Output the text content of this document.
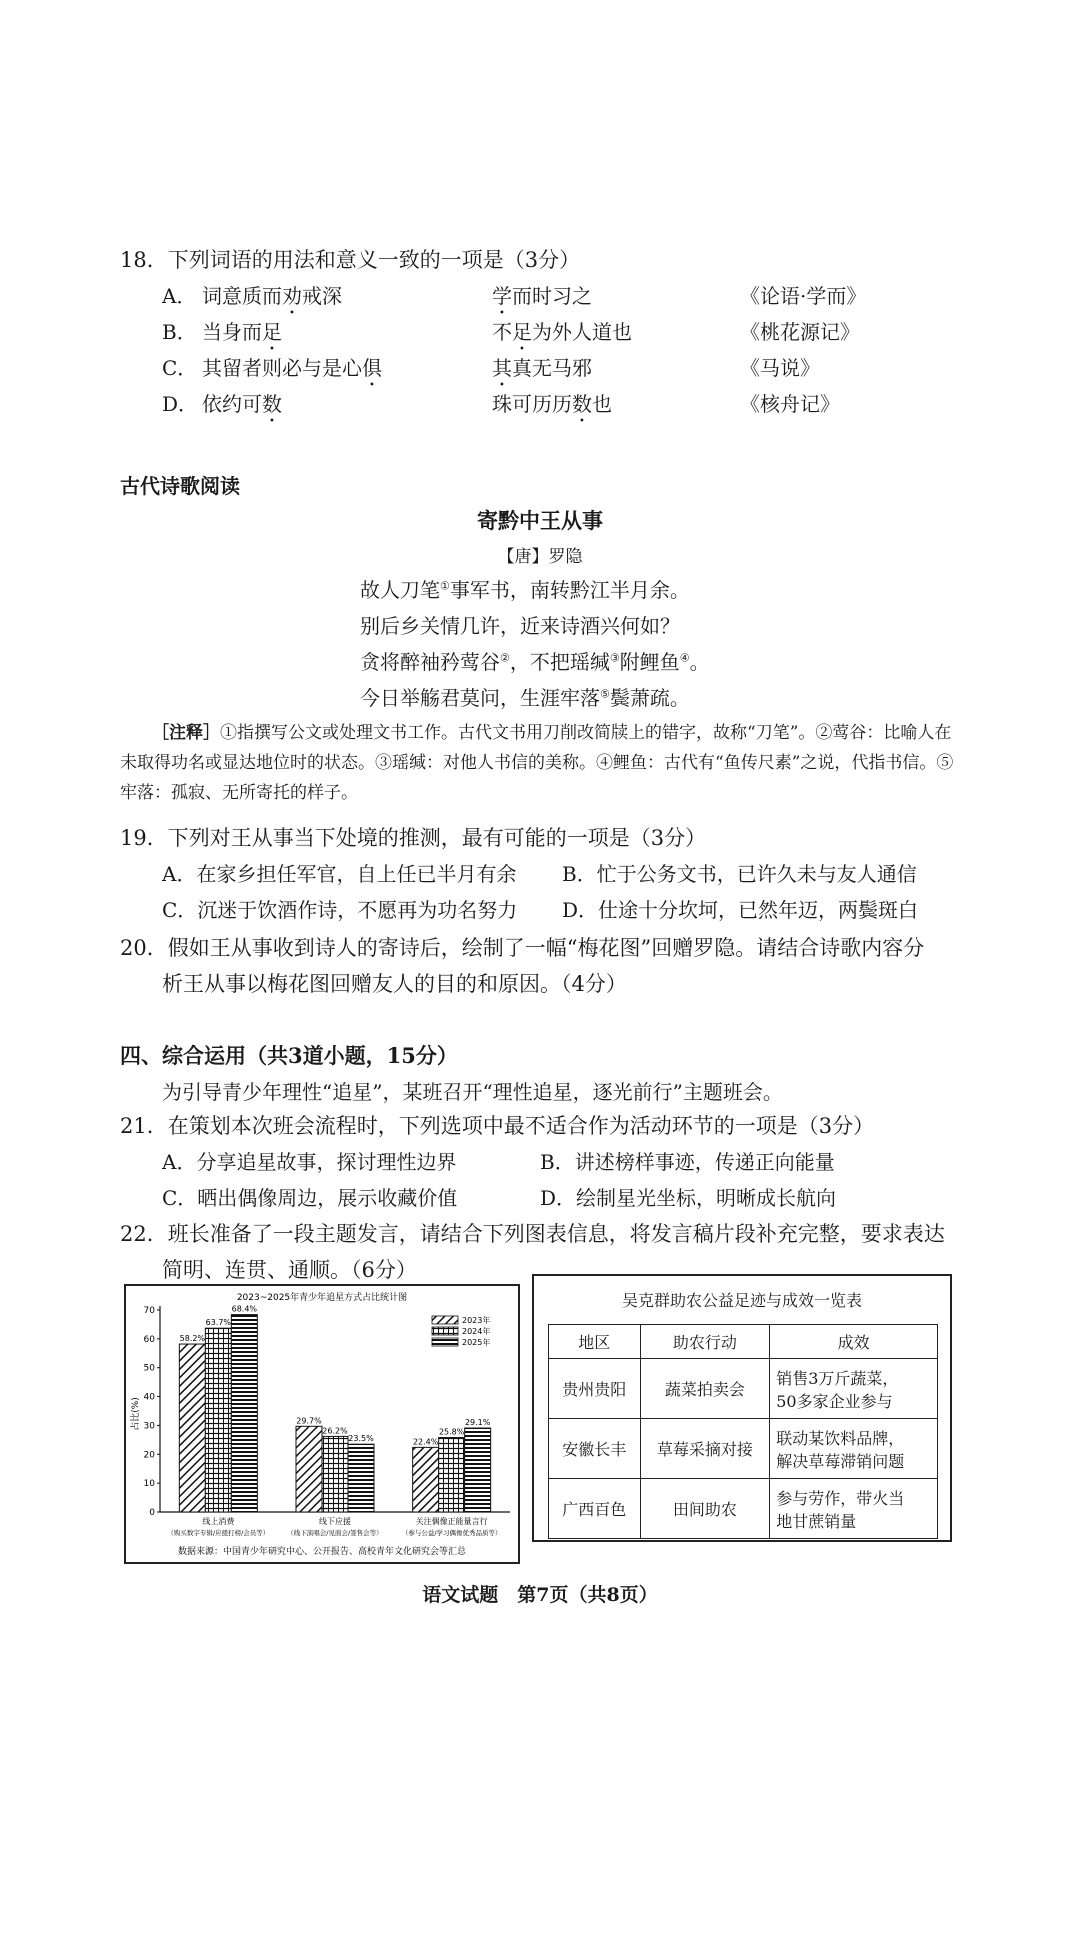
18．下列词语的用法和意义一致的一项是（3分）
A． 词意质而劝戒深	学而时习之	《论语·学而》
B． 当身而足	不足为外人道也	《桃花源记》
C． 其留者则必与是心俱	其真无马邪	《马说》
D． 依约可数	珠可历历数也	《核舟记》
古代诗歌阅读
寄黔中王从事
【唐】罗隐
故人刀笔①事军书，南转黔江半月余。
别后乡关情几许，近来诗酒兴何如？
贪将醉袖矜莺谷②，不把瑶缄③附鲤鱼④。
今日举觞君莫问，生涯牢落⑤鬓萧疏。
［注释］①指撰写公文或处理文书工作。古代文书用刀削改简牍上的错字，故称“刀笔”。②莺谷：比喻人在未取得功名或显达地位时的状态。③瑶缄：对他人书信的美称。④鲤鱼：古代有“鱼传尺素”之说，代指书信。⑤牢落：孤寂、无所寄托的样子。
19．下列对王从事当下处境的推测，最有可能的一项是（3分）
A．在家乡担任军官，自上任已半月有余 B．忙于公务文书，已许久未与友人通信
C．沉迷于饮酒作诗，不愿再为功名努力 D．仕途十分坎坷，已然年迈，两鬓斑白
20．假如王从事收到诗人的寄诗后，绘制了一幅“梅花图”回赠罗隐。请结合诗歌内容分
析王从事以梅花图回赠友人的目的和原因。（4分）
四、综合运用（共3道小题，15分）
为引导青少年理性“追星”，某班召开“理性追星，逐光前行”主题班会。
21．在策划本次班会流程时，下列选项中最不适合作为活动环节的一项是（3分）
A．分享追星故事，探讨理性边界	B．讲述榜样事迹，传递正向能量
C．晒出偶像周边，展示收藏价值	D．绘制星光坐标，明晰成长航向
22．班长准备了一段主题发言，请结合下列图表信息，将发言稿片段补充完整，要求表达
简明、连贯、通顺。（6分）
2023~2025年青少年追星方式占比统计图
占比(%)
0
10
20
30
40
50
60
70
58.2%
63.7%
68.4%
29.7%
26.2%
23.5%	22.4%
25.8%
29.1%
线上消费
（购买数字专辑/应援打榜/会员等）
线下应援
（线下演唱会/见面会/签售会等）
关注偶像正能量言行
（参与公益/学习偶像优秀品质等）
2023年
2024年
2025年
数据来源：中国青少年研究中心、公开报告、高校青年文化研究会等汇总
吴克群助农公益足迹与成效一览表
地区	助农行动	成效
贵州贵阳	蔬菜拍卖会	销售3万斤蔬菜，
50多家企业参与

安徽长丰	草莓采摘对接	联动某饮料品牌，
解决草莓滞销问题

广西百色	田间助农	参与劳作，带火当
地甘蔗销量
语文试题　第7页（共8页）
